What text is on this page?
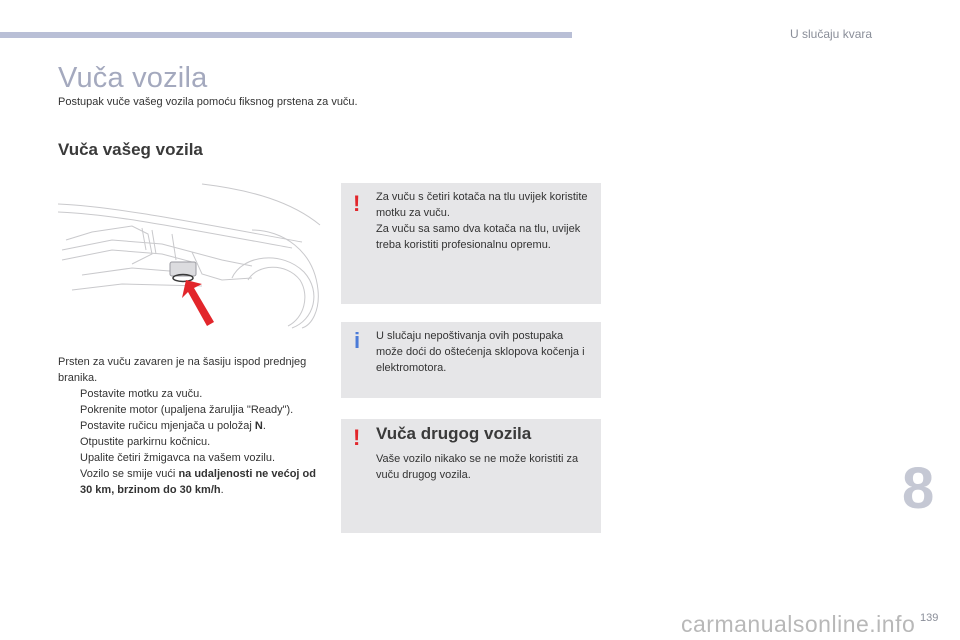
U slučaju kvara
Vuča vozila
Postupak vuče vašeg vozila pomoću fiksnog prstena za vuču.
Vuča vašeg vozila
Prsten za vuču zavaren je na šasiju ispod prednjeg branika.
Postavite motku za vuču.
Pokrenite motor (upaljena žaruljia "Ready").
Postavite ručicu mjenjača u položaj N.
Otpustite parkirnu kočnicu.
Upalite četiri žmigavca na vašem vozilu.
Vozilo se smije vući na udaljenosti ne većoj od 30 km, brzinom do 30 km/h.
! Za vuču s četiri kotača na tlu uvijek koristite motku za vuču.
Za vuču sa samo dva kotača na tlu, uvijek treba koristiti profesionalnu opremu.
i U slučaju nepoštivanja ovih postupaka može doći do oštećenja sklopova kočenja i elektromotora.
! Vuča drugog vozila
Vaše vozilo nikako se ne može koristiti za vuču drugog vozila.	8
139
carmanualsonline.info
